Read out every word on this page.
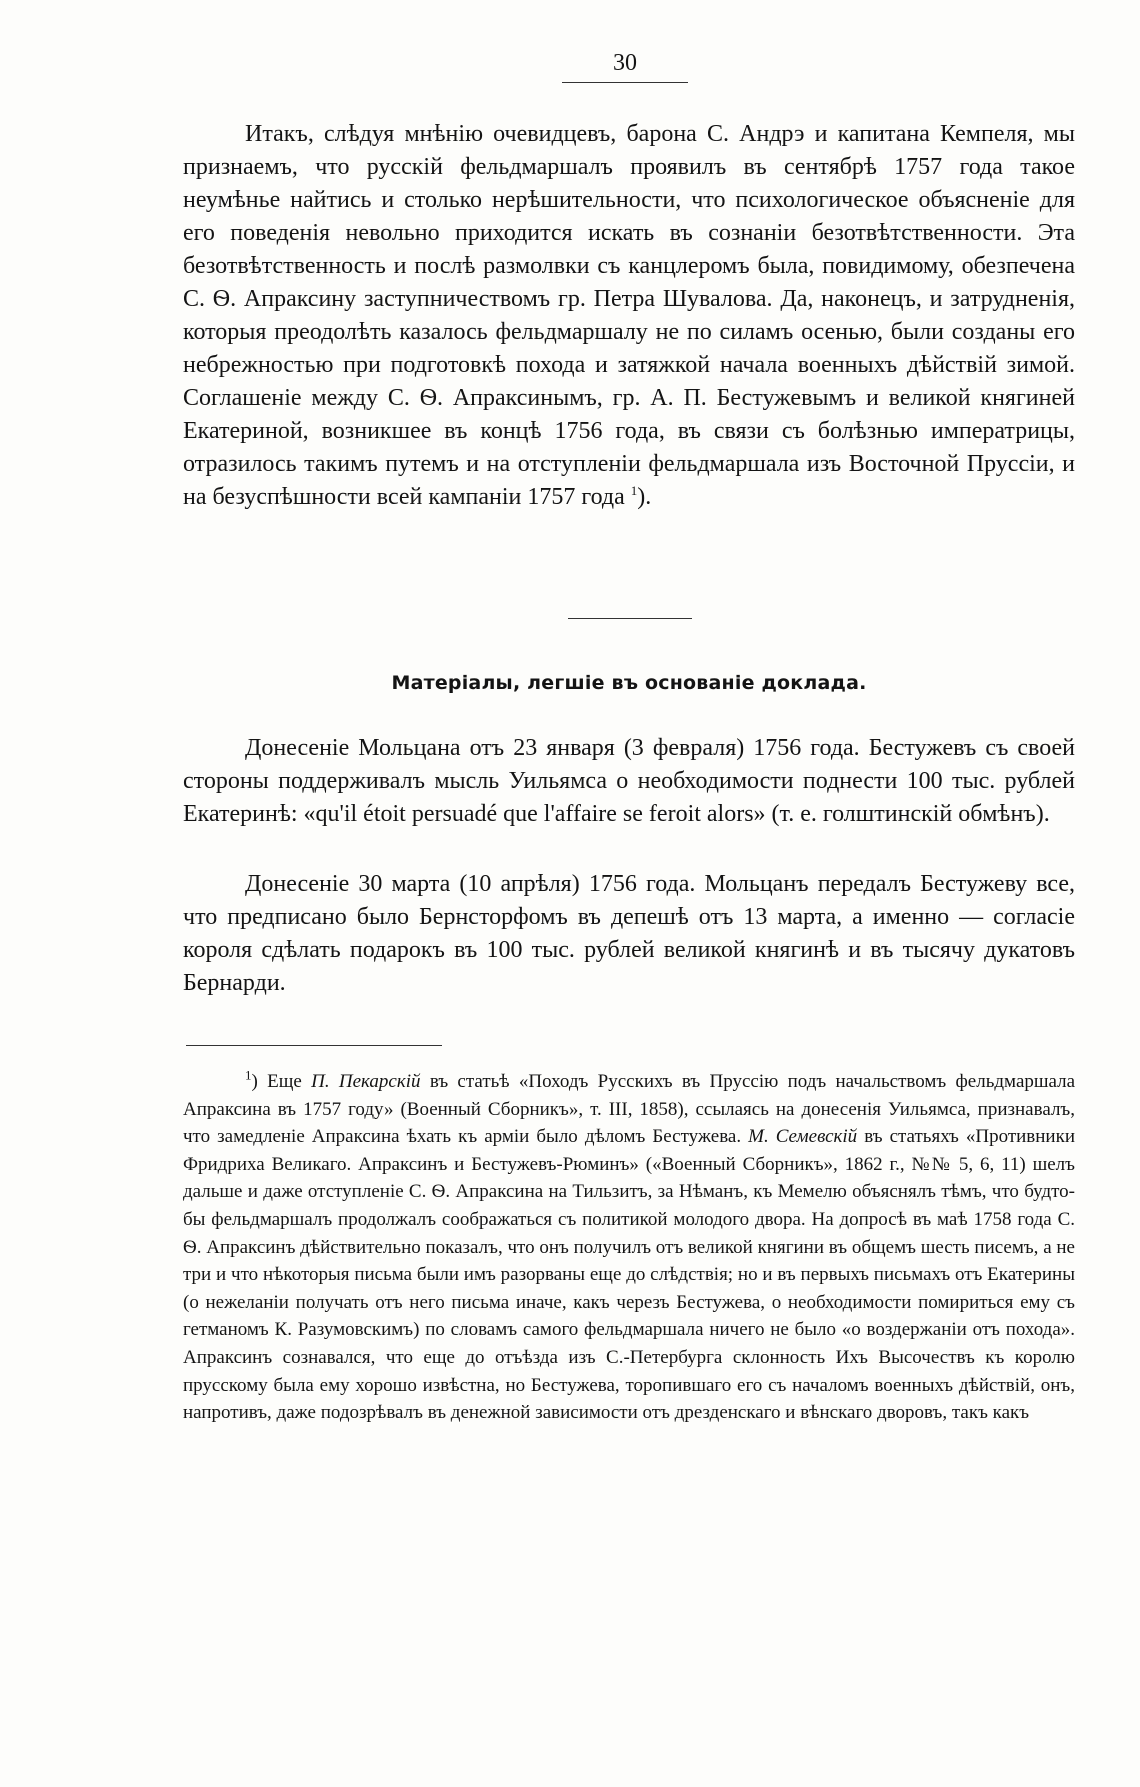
30

Итакъ, слѣдуя мнѣнію очевидцевъ, барона С. Андрэ и капитана Кемпеля, мы признаемъ, что русскій фельдмаршалъ проявилъ въ сентябрѣ 1757 года такое неумѣнье найтись и столько нерѣшительности, что психологическое объясненіе для его поведенія невольно приходится искать въ сознаніи безотвѣтственности. Эта безотвѣтственность и послѣ размолвки съ канцлеромъ была, повидимому, обезпечена С. Ѳ. Апраксину заступничествомъ гр. Петра Шувалова. Да, наконецъ, и затрудненія, которыя преодолѣть казалось фельдмаршалу не по силамъ осенью, были созданы его небрежностью при подготовкѣ похода и затяжкой начала военныхъ дѣйствій зимой. Соглашеніе между С. Ѳ. Апраксинымъ, гр. А. П. Бестужевымъ и великой княгиней Екатериной, возникшее въ концѣ 1756 года, въ связи съ болѣзнью императрицы, отразилось такимъ путемъ и на отступленіи фельдмаршала изъ Восточной Пруссіи, и на безуспѣшности всей кампаніи 1757 года $^1$).

Матеріалы, легшіе въ основаніе доклада.

Донесеніе Мольцана отъ 23 января (3 февраля) 1756 года. Бестужевъ съ своей стороны поддерживалъ мысль Уильямса о необходимости поднести 100 тыс. рублей Екатеринѣ: «qu'il étoit persuadé que l'affaire se feroit alors» (т. е. голштинскій обмѣнъ).

Донесеніе 30 марта (10 апрѣля) 1756 года. Мольцанъ передалъ Бестужеву все, что предписано было Бернсторфомъ въ депешѣ отъ 13 марта, а именно — согласіе короля сдѣлать подарокъ въ 100 тыс. рублей великой княгинѣ и въ тысячу дукатовъ Бернарди.

$^1$) Еще П. Пекарскій въ статьѣ «Походъ Русскихъ въ Пруссію подъ начальствомъ фельдмаршала Апраксина въ 1757 году» (Военный Сборникъ», т. III, 1858), ссылаясь на донесенія Уильямса, признавалъ, что замедленіе Апраксина ѣхать къ арміи было дѣломъ Бестужева. М. Семевскій въ статьяхъ «Противники Фридриха Великаго. Апраксинъ и Бестужевъ-Рюминъ» («Военный Сборникъ», 1862 г., №№ 5, 6, 11) шелъ дальше и даже отступленіе С. Ѳ. Апраксина на Тильзитъ, за Нѣманъ, къ Мемелю объяснялъ тѣмъ, что будто-бы фельдмаршалъ продолжалъ соображаться съ политикой молодого двора. На допросѣ въ маѣ 1758 года С. Ѳ. Апраксинъ дѣйствительно показалъ, что онъ получилъ отъ великой княгини въ общемъ шесть писемъ, а не три и что нѣкоторыя письма были имъ разорваны еще до слѣдствія; но и въ первыхъ письмахъ отъ Екатерины (о нежеланіи получать отъ него письма иначе, какъ черезъ Бестужева, о необходимости помириться ему съ гетманомъ К. Разумовскимъ) по словамъ самого фельдмаршала ничего не было «о воздержаніи отъ похода». Апраксинъ сознавался, что еще до отъѣзда изъ С.-Петербурга склонность Ихъ Высочествъ къ королю прусскому была ему хорошо извѣстна, но Бестужева, торопившаго его съ началомъ военныхъ дѣйствій, онъ, напротивъ, даже подозрѣвалъ въ денежной зависимости отъ дрезденскаго и вѣнскаго дворовъ, такъ какъ
